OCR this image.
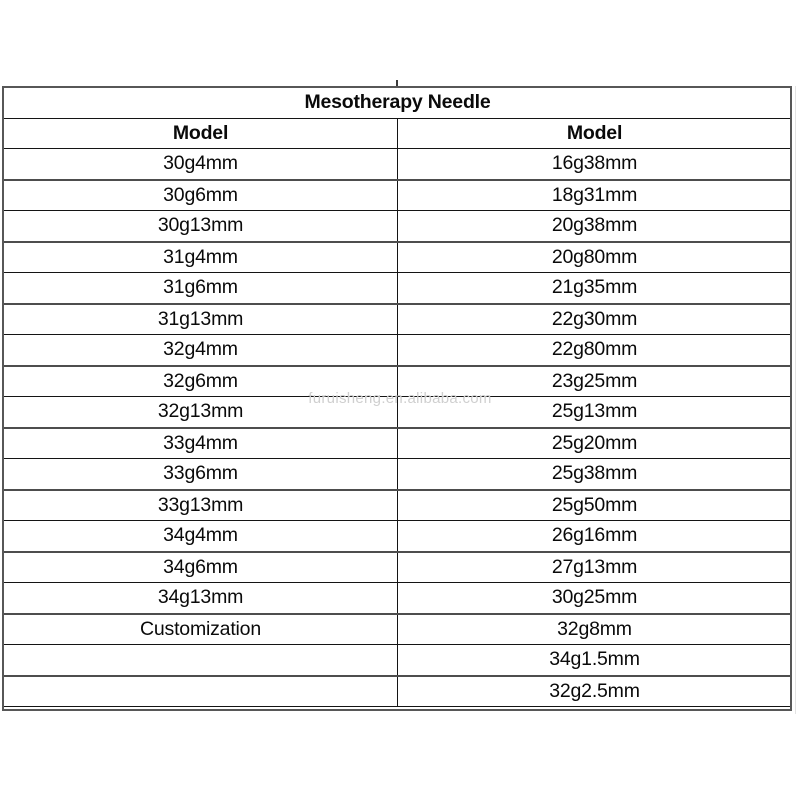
Mesotherapy Needle	
Model	Model
30g4mm	16g38mm
30g6mm	18g31mm
30g13mm	20g38mm
31g4mm	20g80mm
31g6mm	21g35mm
31g13mm	22g30mm
32g4mm	22g80mm
32g6mm	23g25mm
32g13mm	25g13mm
33g4mm	25g20mm
33g6mm	25g38mm
33g13mm	25g50mm
34g4mm	26g16mm
34g6mm	27g13mm
34g13mm	30g25mm
Customization	32g8mm
	34g1.5mm
	32g2.5mm
furuisheng.en.alibaba.com
